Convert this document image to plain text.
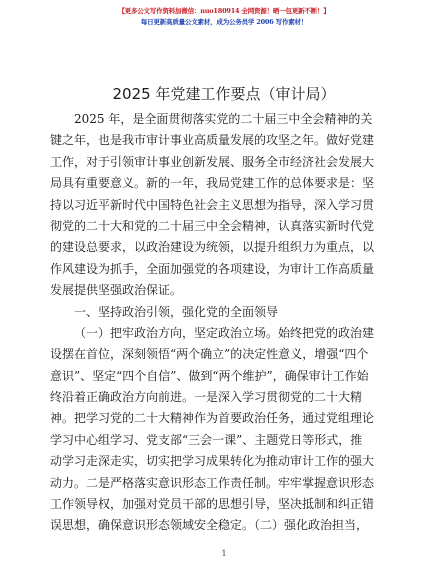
【更多公文写作资料加微信：nuo180914 全网资源！晒一包更新不断！】
每日更新高质量公文素材，成为公务员学 2006 写作素材！
2025 年党建工作要点（审计局）
2025 年，是全面贯彻落实党的二十届三中全会精神的关
键之年，也是我市审计事业高质量发展的攻坚之年。做好党建
工作，对于引领审计事业创新发展、服务全市经济社会发展大
局具有重要意义。新的一年，我局党建工作的总体要求是：坚
持以习近平新时代中国特色社会主义思想为指导，深入学习贯
彻党的二十大和党的二十届三中全会精神，认真落实新时代党
的建设总要求，以政治建设为统领，以提升组织力为重点，以
作风建设为抓手，全面加强党的各项建设，为审计工作高质量
发展提供坚强政治保证。
一、坚持政治引领，强化党的全面领导
（一）把牢政治方向，坚定政治立场。始终把党的政治建
设摆在首位，深刻领悟“两个确立”的决定性意义，增强“四个
意识”、坚定“四个自信”、做到“两个维护”，确保审计工作始
终沿着正确政治方向前进。一是深入学习贯彻党的二十大精
神。把学习党的二十大精神作为首要政治任务，通过党组理论
学习中心组学习、党支部“三会一课”、主题党日等形式，推
动学习走深走实，切实把学习成果转化为推动审计工作的强大
动力。二是严格落实意识形态工作责任制。牢牢掌握意识形态
工作领导权，加强对党员干部的思想引导，坚决抵制和纠正错
误思想，确保意识形态领域安全稳定。（二）强化政治担当，
1
